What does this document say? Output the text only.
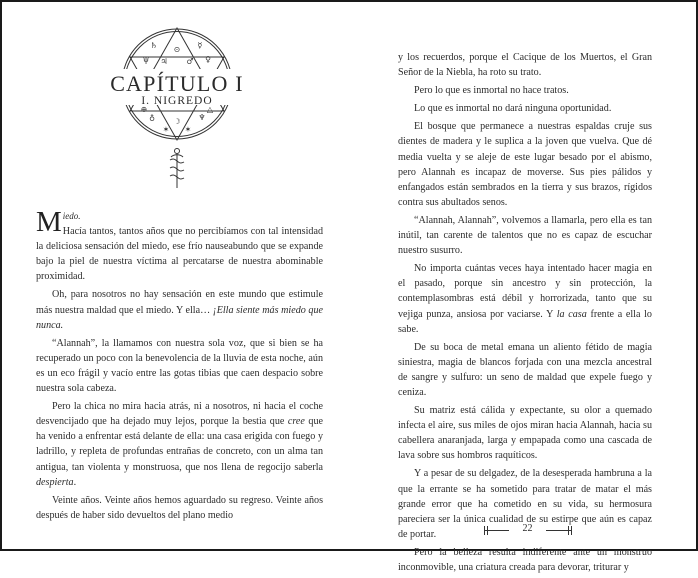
⊙
♄	☿
ψ	♀
♃ ♂
☽
♁	♆
⊕	△
✶ ✶
CAPÍTULO I
I. NIGREDO

Miedo.
Hacía tantos, tantos años que no percibíamos con tal intensidad la deliciosa sensación del miedo, ese frío nauseabundo que se expande bajo la piel de nuestra víctima al percatarse de nuestra abominable proximidad.

Oh, para nosotros no hay sensación en este mundo que estimule más nuestra maldad que el miedo. Y ella… ¡Ella siente más miedo que nunca.

“Alannah”, la llamamos con nuestra sola voz, que si bien se ha recuperado un poco con la benevolencia de la lluvia de esta noche, aún es un eco frágil y vacío entre las gotas tibias que caen despacio sobre nuestra sola cabeza.

Pero la chica no mira hacia atrás, ni a nosotros, ni hacia el coche desvencijado que ha dejado muy lejos, porque la bestia que cree que ha venido a enfrentar está delante de ella: una casa erigida con fuego y ladrillo, y repleta de profundas entrañas de concreto, con un alma tan antigua, tan violenta y monstruosa, que nos llena de regocijo saberla despierta.

Veinte años. Veinte años hemos aguardado su regreso. Veinte años después de haber sido devueltos del plano medio

y los recuerdos, porque el Cacique de los Muertos, el Gran Señor de la Niebla, ha roto su trato.

Pero lo que es inmortal no hace tratos.

Lo que es inmortal no dará ninguna oportunidad.

El bosque que permanece a nuestras espaldas cruje sus dientes de madera y le suplica a la joven que vuelva. Que dé media vuelta y se aleje de este lugar besado por el abismo, pero Alannah es incapaz de moverse. Sus pies pálidos y enfangados están sembrados en la tierra y sus brazos, rígidos contra sus abultados senos.

“Alannah, Alannah”, volvemos a llamarla, pero ella es tan inútil, tan carente de talentos que no es capaz de escuchar nuestro susurro.

No importa cuántas veces haya intentado hacer magia en el pasado, porque sin ancestro y sin protección, la contemplasombras está débil y horrorizada, tanto que su vejiga punza, ansiosa por vaciarse. Y la casa frente a ella lo sabe.

De su boca de metal emana un aliento fétido de magia siniestra, magia de blancos forjada con una mezcla ancestral de sangre y sulfuro: un seno de maldad que expele fuego y ceniza.

Su matriz está cálida y expectante, su olor a quemado infecta el aire, sus miles de ojos miran hacia Alannah, hacia su cabellera anaranjada, larga y empapada como una cascada de lava sobre sus hombros raquíticos.

Y a pesar de su delgadez, de la desesperada hambruna a la que la errante se ha sometido para tratar de matar el más grande error que ha cometido en su vida, su hermosura pareciera ser la única cualidad de su estirpe que aún es capaz de portar.

Pero la belleza resulta indiferente ante un monstruo inconmovible, una criatura creada para devorar, triturar y

22
